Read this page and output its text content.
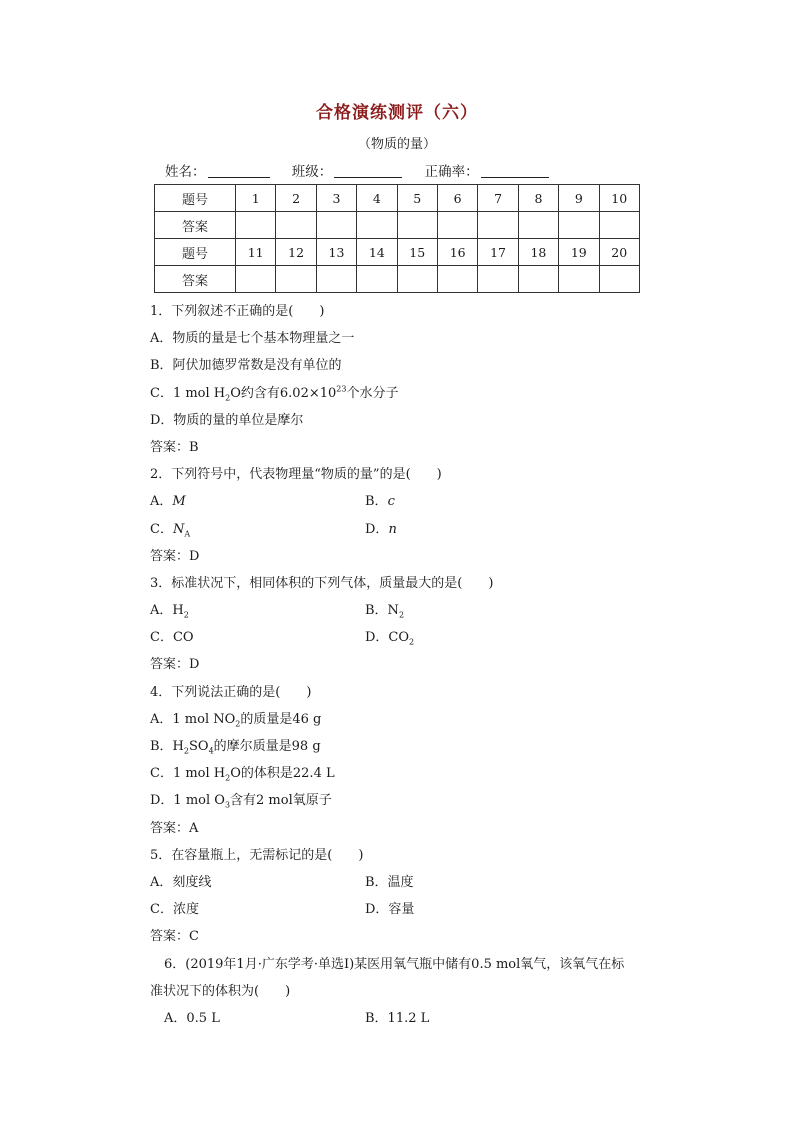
合格演练测评（六）
（物质的量）
姓名：	班级：	正确率：
题号	1	2	3	4	5	6	7	8	9	10
答案										
题号	11	12	13	14	15	16	17	18	19	20
答案										
1．下列叙述不正确的是(　　)
A．物质的量是七个基本物理量之一
B．阿伏加德罗常数是没有单位的
C．1 mol $H_2O$约含有$6.02\times 10^{23}$个水分子
D．物质的量的单位是摩尔
答案：B
2．下列符号中，代表物理量“物质的量”的是(　　)
A．M	B．c
C．$N_A$	D．n
答案：D
3．标准状况下，相同体积的下列气体，质量最大的是(　　)
A．$H_2$	B．$N_2$
C．CO	D．$CO_2$
答案：D
4．下列说法正确的是(　　)
A．1 mol $NO_2$的质量是46 g
B．$H_2SO_4$的摩尔质量是98 g
C．1 mol $H_2O$的体积是22.4 L
D．1 mol $O_3$含有2 mol氧原子
答案：A
5．在容量瓶上，无需标记的是(　　)
A．刻度线	B．温度
C．浓度	D．容量
答案：C
6．(2019年1月·广东学考·单选Ⅰ)某医用氧气瓶中储有0.5 mol氧气，该氧气在标
准状况下的体积为(　　)
A．0.5 L	B．11.2 L
